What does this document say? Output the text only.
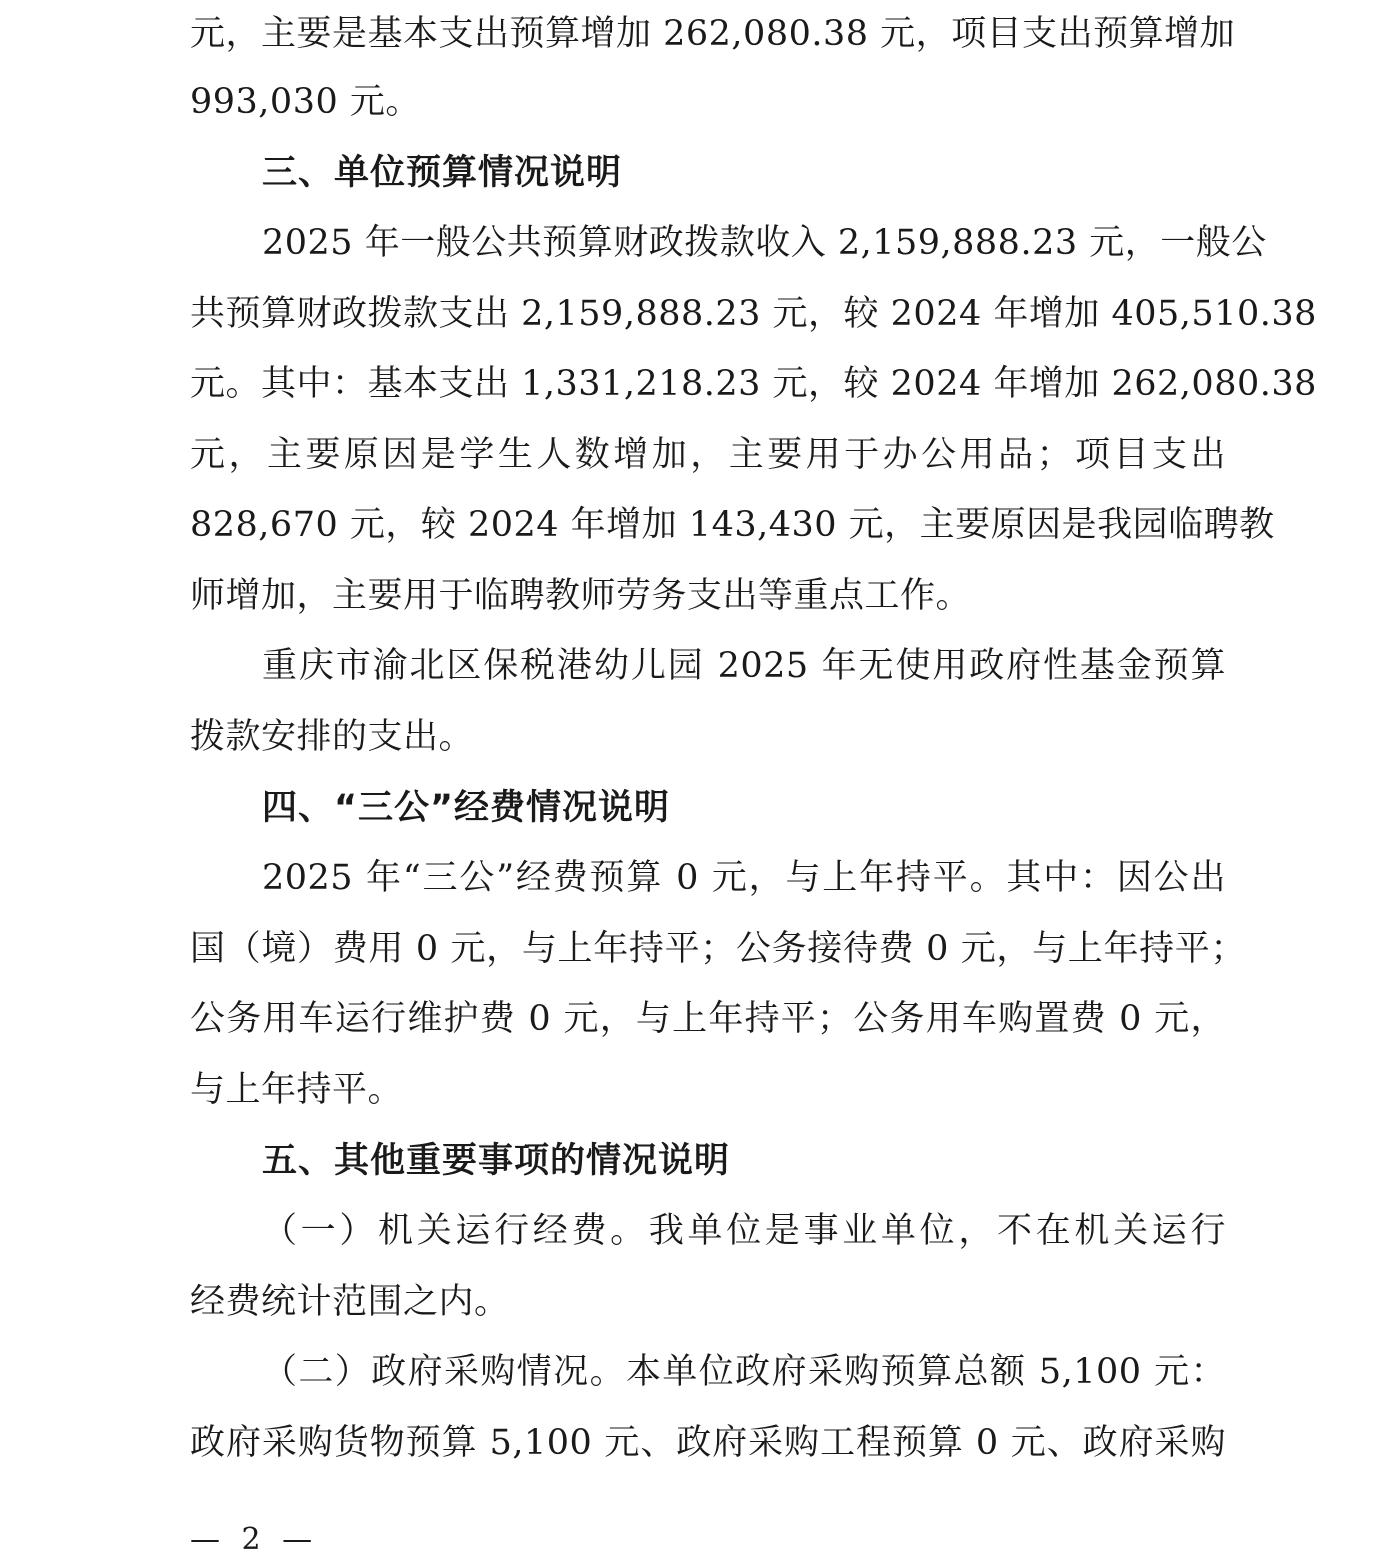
元，主要是基本支出预算增加 262,080.38 元，项目支出预算增加
993,030 元。
三、单位预算情况说明
2025 年一般公共预算财政拨款收入 2,159,888.23 元，一般公
共预算财政拨款支出 2,159,888.23 元，较 2024 年增加 405,510.38
元。其中：基本支出 1,331,218.23 元，较 2024 年增加 262,080.38
元，主要原因是学生人数增加，主要用于办公用品；项目支出
828,670 元，较 2024 年增加 143,430 元，主要原因是我园临聘教
师增加，主要用于临聘教师劳务支出等重点工作。
重庆市渝北区保税港幼儿园 2025 年无使用政府性基金预算
拨款安排的支出。
四、“三公”经费情况说明
2025 年“三公”经费预算 0 元，与上年持平。其中：因公出
国（境）费用 0 元，与上年持平；公务接待费 0 元，与上年持平；
公务用车运行维护费 0 元，与上年持平；公务用车购置费 0 元，
与上年持平。
五、其他重要事项的情况说明
（一）机关运行经费。我单位是事业单位，不在机关运行
经费统计范围之内。
（二）政府采购情况。本单位政府采购预算总额 5,100 元：
政府采购货物预算 5,100 元、政府采购工程预算 0 元、政府采购
— 2 —
